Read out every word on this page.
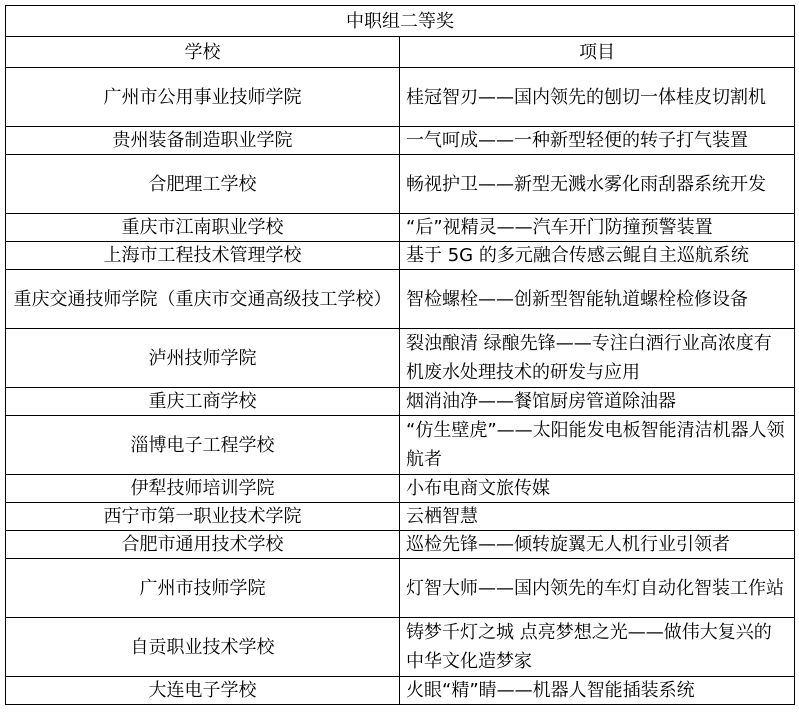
中职组二等奖	
学校	项目
广州市公用事业技师学院	桂冠智刃——国内领先的刨切一体桂皮切割机
贵州装备制造职业学院	一气呵成——一种新型轻便的转子打气装置
合肥理工学校	畅视护卫——新型无溅水雾化雨刮器系统开发
重庆市江南职业学校	“后”视精灵——汽车开门防撞预警装置
上海市工程技术管理学校	基于 5G 的多元融合传感云鲲自主巡航系统
重庆交通技师学院（重庆市交通高级技工学校）	智检螺栓——创新型智能轨道螺栓检修设备
泸州技师学院	裂浊酿清 绿酿先锋——专注白酒行业高浓度有机废水处理技术的研发与应用
重庆工商学校	烟消油净——餐馆厨房管道除油器
淄博电子工程学校	“仿生壁虎”——太阳能发电板智能清洁机器人领航者
伊犁技师培训学院	小布电商文旅传媒
西宁市第一职业技术学院	云栖智慧
合肥市通用技术学校	巡检先锋——倾转旋翼无人机行业引领者
广州市技师学院	灯智大师——国内领先的车灯自动化智装工作站
自贡职业技术学校	铸梦千灯之城 点亮梦想之光——做伟大复兴的中华文化造梦家
大连电子学校	火眼“精”睛——机器人智能插装系统
